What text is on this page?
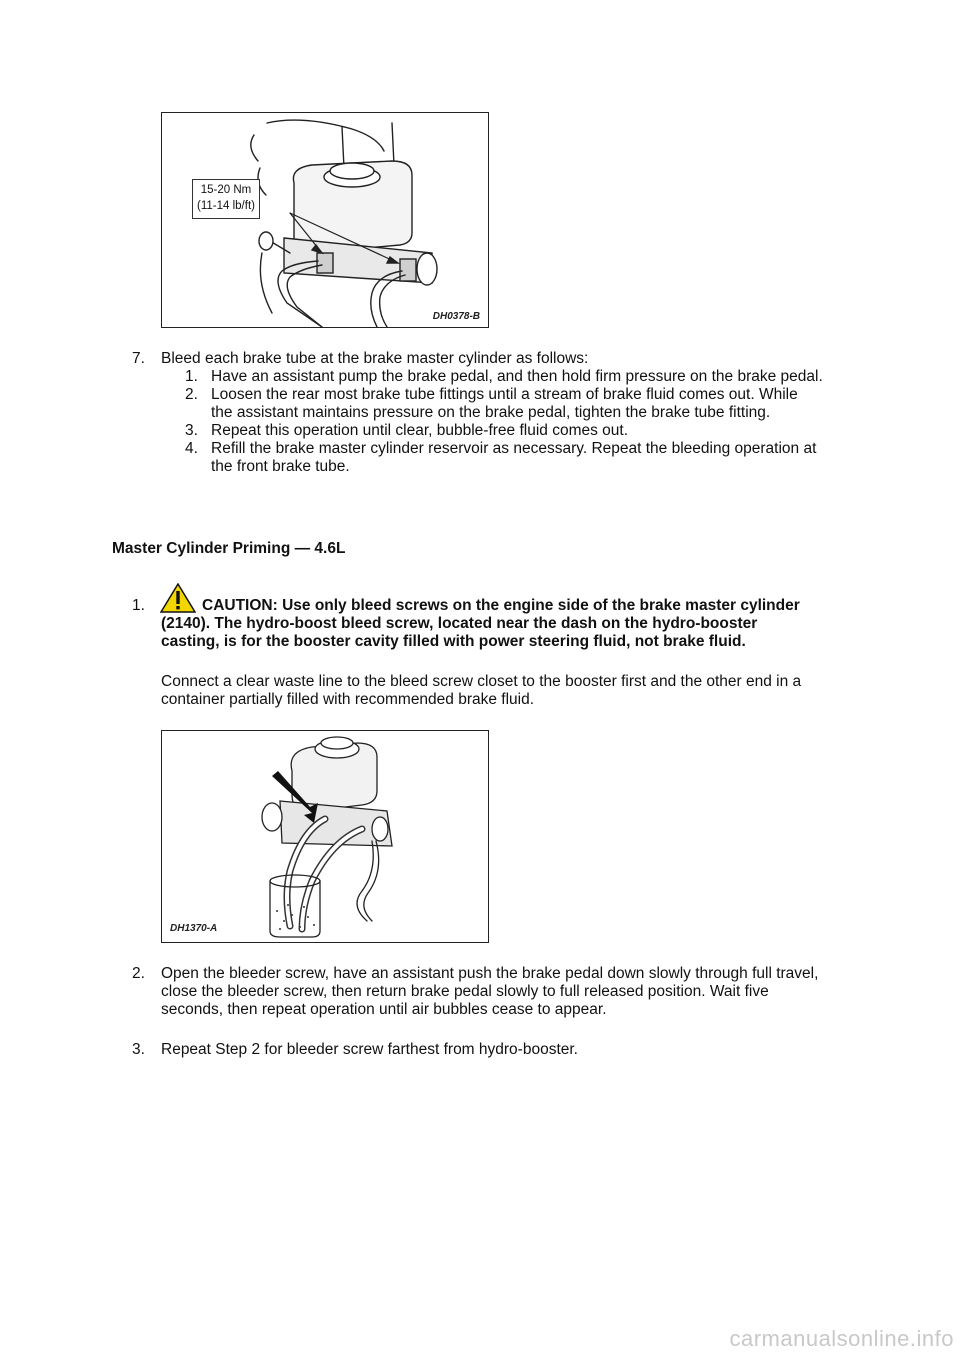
15-20 Nm
(11-14 lb/ft)
DH0378-B
7. Bleed each brake tube at the brake master cylinder as follows:
1. Have an assistant pump the brake pedal, and then hold firm pressure on the brake pedal.
2. Loosen the rear most brake tube fittings until a stream of brake fluid comes out. While
the assistant maintains pressure on the brake pedal, tighten the brake tube fitting.
3. Repeat this operation until clear, bubble-free fluid comes out.
4. Refill the brake master cylinder reservoir as necessary. Repeat the bleeding operation at
the front brake tube.
Master Cylinder Priming — 4.6L
1.	CAUTION: Use only bleed screws on the engine side of the brake master cylinder
(2140). The hydro-boost bleed screw, located near the dash on the hydro-booster
casting, is for the booster cavity filled with power steering fluid, not brake fluid.
Connect a clear waste line to the bleed screw closet to the booster first and the other end in a
container partially filled with recommended brake fluid.
DH1370-A
2. Open the bleeder screw, have an assistant push the brake pedal down slowly through full travel,
close the bleeder screw, then return brake pedal slowly to full released position. Wait five
seconds, then repeat operation until air bubbles cease to appear.
3. Repeat Step 2 for bleeder screw farthest from hydro-booster.
carmanualsonline.info
